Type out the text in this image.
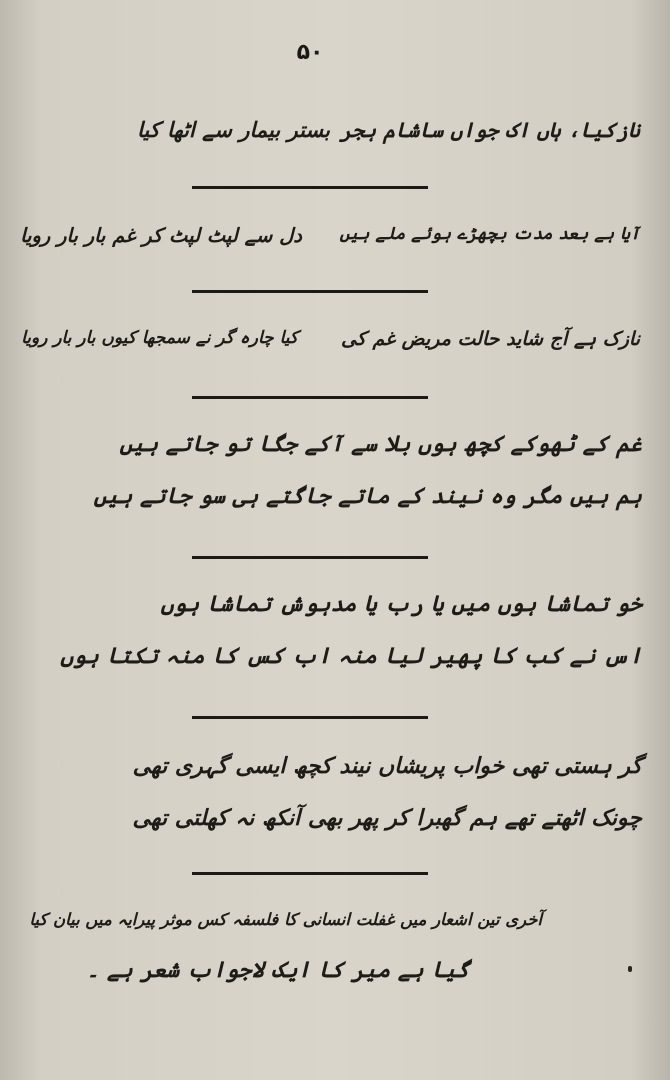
۵۰
نازکیا، ہاں اک جواں ساشام ہجر
بستر بیمار سے اٹھا کیا
آیا ہے بعد مدت بچھڑے ہوئے ملے ہیں
دل سے لپٹ لپٹ کر غم بار بار رویا
نازک ہے آج شاید حالت مریض غم کی
کیا چارہ گر نے سمجھا کیوں بار بار رویا
غم کے ٹھوکے کچھ ہوں بلا سے آکے جگا تو جاتے ہیں
ہم ہیں مگر وہ نیند کے ماتے جاگتے ہی سو جاتے ہیں
خو تماشا ہوں میں یا رب یا مدہوش تماشا ہوں
اس نے کب کا پھیر لیا منہ اب کس کا منہ تکتا ہوں
گر ہستی تھی خواب پریشاں نیند کچھ ایسی گہری تھی
چونک اٹھتے تھے ہم گھبرا کر پھر بھی آنکھ نہ کھلتی تھی
آخری تین اشعار میں غفلت انسانی کا فلسفہ کس موثر پیرایہ میں بیان کیا
گیا ہے میر کا ایک لاجواب شعر ہے ۔
